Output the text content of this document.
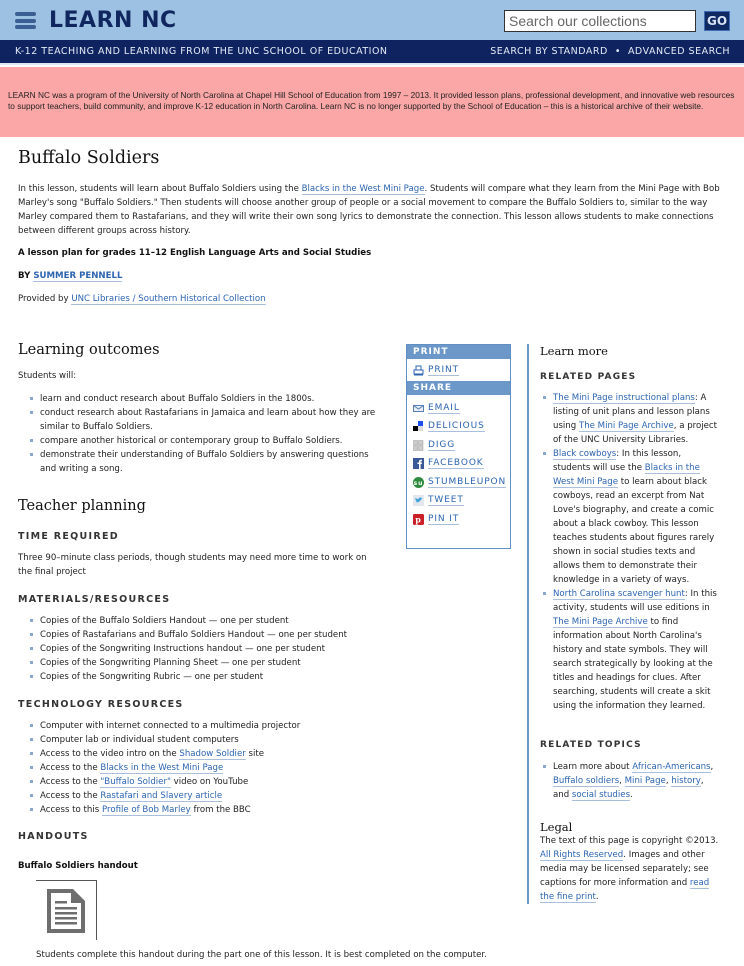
LEARN NC
Search our collections	GO
K-12 TEACHING AND LEARNING FROM THE UNC SCHOOL OF EDUCATION	SEARCH BY STANDARD • ADVANCED SEARCH
LEARN NC was a program of the University of North Carolina at Chapel Hill School of Education from 1997 – 2013. It provided lesson plans, professional development, and innovative web resources to support teachers, build community, and improve K-12 education in North Carolina. Learn NC is no longer supported by the School of Education – this is a historical archive of their website.
Buffalo Soldiers

In this lesson, students will learn about Buffalo Soldiers using the Blacks in the West Mini Page. Students will compare what they learn from the Mini Page with Bob Marley's song "Buffalo Soldiers." Then students will choose another group of people or a social movement to compare the Buffalo Soldiers to, similar to the way Marley compared them to Rastafarians, and they will write their own song lyrics to demonstrate the connection. This lesson allows students to make connections between different groups across history.

A lesson plan for grades 11–12 English Language Arts and Social Studies
BY SUMMER PENNELL
Provided by UNC Libraries / Southern Historical Collection
Learning outcomes
Students will:
learn and conduct research about Buffalo Soldiers in the 1800s.
conduct research about Rastafarians in Jamaica and learn about how they are similar to Buffalo Soldiers.
compare another historical or contemporary group to Buffalo Soldiers.
demonstrate their understanding of Buffalo Soldiers by answering questions and writing a song.
Teacher planning
TIME REQUIRED
Three 90–minute class periods, though students may need more time to work on the final project
MATERIALS/RESOURCES
Copies of the Buffalo Soldiers Handout — one per student
Copies of Rastafarians and Buffalo Soldiers Handout — one per student
Copies of the Songwriting Instructions handout — one per student
Copies of the Songwriting Planning Sheet — one per student
Copies of the Songwriting Rubric — one per student
TECHNOLOGY RESOURCES
Computer with internet connected to a multimedia projector
Computer lab or individual student computers
Access to the video intro on the Shadow Soldier site
Access to the Blacks in the West Mini Page
Access to the "Buffalo Soldier" video on YouTube
Access to the Rastafari and Slavery article
Access to this Profile of Bob Marley from the BBC
HANDOUTS
Buffalo Soldiers handout
Students complete this handout during the part one of this lesson. It is best completed on the computer.
PRINT
PRINT
SHARE
EMAIL
DELICIOUS
DIGG
FACEBOOK
su STUMBLEUPON
TWEET
p PIN IT
Learn more
RELATED PAGES
The Mini Page instructional plans: A listing of unit plans and lesson plans using The Mini Page Archive, a project of the UNC University Libraries.
Black cowboys: In this lesson, students will use the Blacks in the West Mini Page to learn about black cowboys, read an excerpt from Nat Love's biography, and create a comic about a black cowboy. This lesson teaches students about figures rarely shown in social studies texts and allows them to demonstrate their knowledge in a variety of ways.
North Carolina scavenger hunt: In this activity, students will use editions in The Mini Page Archive to find information about North Carolina's history and state symbols. They will search strategically by looking at the titles and headings for clues. After searching, students will create a skit using the information they learned.
RELATED TOPICS
Learn more about African-Americans, Buffalo soldiers, Mini Page, history, and social studies.
Legal
The text of this page is copyright ©2013. All Rights Reserved. Images and other media may be licensed separately; see captions for more information and read the fine print.
